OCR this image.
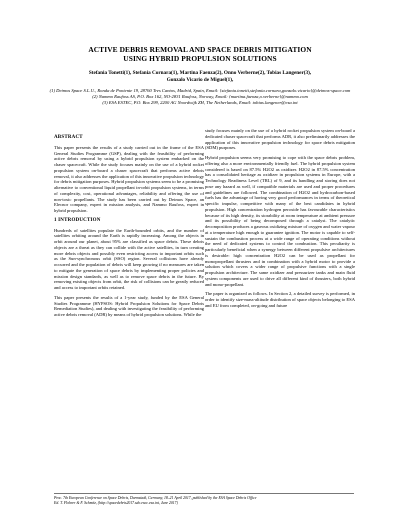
ACTIVE DEBRIS REMOVAL AND SPACE DEBRIS MITIGATION
USING HYBRID PROPULSION SOLUTIONS
Stefania Tonetti(1), Stefania Cornara(1), Martina Faenza(2), Onno Verberne(2), Tobias Langener(3),
Gonzalo Vicario de Miguel(1),
(1) Deimos Space S.L.U., Ronda de Poniente 19, 28760 Tres Cantos, Madrid, Spain, Email: {stefania.tonetti,stefania.cornara,gonzalo.vicario}@deimos-space.com
(2) Nammo Raufoss AS, P.O. Box 162, NO-2831 Raufoss, Norway, Email: {martina.faenza,o.verberne}@nammo.com
(3) ESA ESTEC, P.O. Box 299, 2200 AG Noordwijk ZH, The Netherlands, Email: tobias.langener@esa.int
ABSTRACT

This paper presents the results of a study carried out in the frame of the ESA General Studies Programme (GSP), dealing with the feasibility of performing active debris removal by using a hybrid propulsion system embarked on the chaser spacecraft. While the study focuses mainly on the use of a hybrid rocket propulsion system on-board a chaser spacecraft that performs active debris removal, it also addresses the application of this innovative propulsion technology for debris mitigation purposes. Hybrid propulsion systems seem to be a promising alternative to conventional liquid propellant in-orbit propulsion systems, in terms of complexity, cost, operational advantages, reliability and offering the use of non-toxic propellants. The study has been carried out by Deimos Space, an Elecnor company, expert in mission analysis, and Nammo Raufoss, expert in hybrid propulsion.

1 INTRODUCTION

Hundreds of satellites populate the Earth-bounded orbits, and the number of satellites orbiting around the Earth is rapidly increasing. Among the objects in orbit around our planet, about 95% are classified as space debris. These debris objects are a threat as they can collide with the active satellites, in turn creating more debris objects and possibly even restricting access to important orbits such as the Sun-synchronous orbit (SSO) region. Several collisions have already occurred and the population of debris will keep growing if no measures are taken to mitigate the generation of space debris by implementing proper policies and mission design standards, as well as to remove space debris in the future. By removing existing objects from orbit, the risk of collisions can be greatly reduced and access to important orbits retained.

This paper presents the results of a 1-year study, funded by the ESA General Studies Programme (HYPSOS: Hybrid Propulsion Solutions for Space Debris Remediation Studies), and dealing with investigating the feasibility of performing active debris removal (ADR) by means of hybrid propulsion solutions. While the

study focuses mainly on the use of a hybrid rocket propulsion system on-board a dedicated chaser spacecraft that performs ADR, it also preliminarily addresses the application of this innovative propulsion technology for space debris mitigation (SDM) purposes.

Hybrid propulsion seems very promising to cope with the space debris problem, offering also a more environmentally friendly fuel. The hybrid propulsion system considered is based on 87.5% H2O2 as oxidizer. H2O2 in 87.5% concentration has a consolidated heritage as oxidizer in propulsion systems in Europe, with a Technology Readiness Level (TRL) of 9, and its handling and storing does not pose any hazard as well, if compatible materials are used and proper procedures and guidelines are followed. The combination of H2O2 and hydrocarbon-based fuels has the advantage of having very good performances in terms of theoretical specific impulse, competitive with many of the best candidates in hybrid propulsion. High concentration hydrogen peroxide has favourable characteristics because of its high density, its storability at room temperature at ambient pressure and its possibility of being decomposed through a catalyst. The catalytic decomposition produces a gaseous oxidizing mixture of oxygen and water vapour at a temperature high enough to guarantee ignition. The motor is capable to self-sustain the combustion process at a wide range of operating conditions without the need of dedicated systems to control the combustion. This peculiarity is particularly beneficial when a synergy between different propulsive architectures is desirable: high concentration H2O2 can be used as propellant for monopropellant thrusters and in combination with a hybrid motor to provide a solution which covers a wider range of propulsive functions with a single propulsion architecture. The same oxidizer and pressurizer tanks and main fluid system components are used to drive all different kind of thrusters, both hybrid and mono-propellant.

The paper is organized as follows. In Section 2, a detailed survey is performed, in order to identify size-mass-altitude distribution of space objects belonging to ESA and EU from completed, on-going and future

Proc. 7th European Conference on Space Debris, Darmstadt, Germany, 18–21 April 2017, published by the ESA Space Debris Office
Ed. T. Flohrer & F. Schmitz, (http://spacedebris2017.sdo.esoc.esa.int, June 2017)
